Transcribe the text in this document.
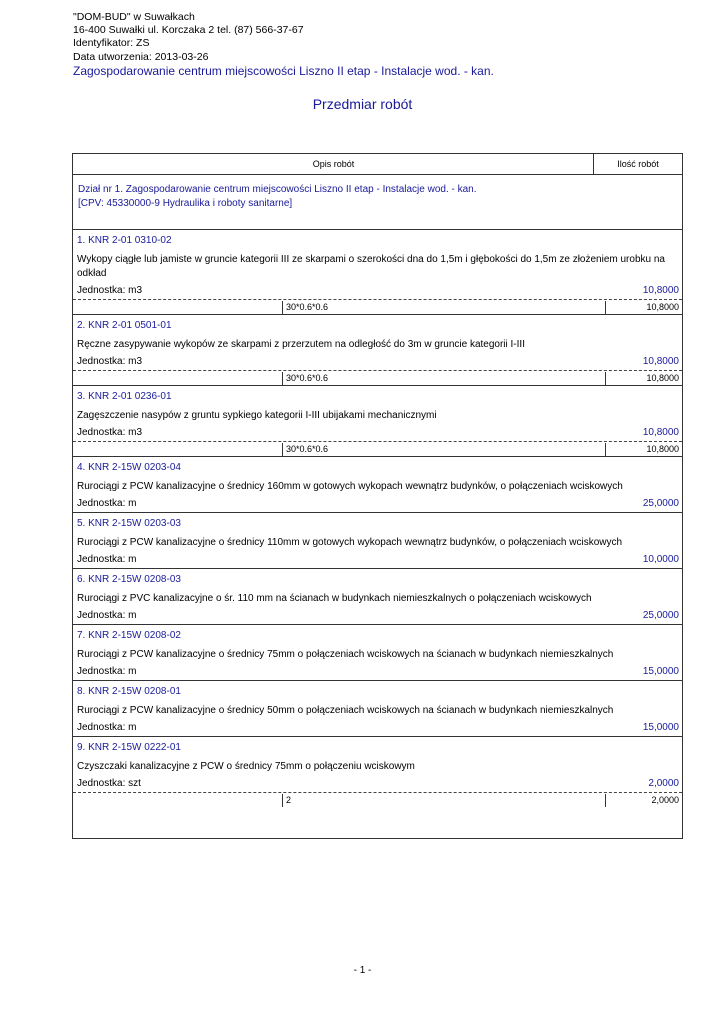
"DOM-BUD" w Suwałkach
16-400 Suwałki ul. Korczaka 2 tel. (87) 566-37-67
Identyfikator: ZS
Data utworzenia: 2013-03-26
Zagospodarowanie centrum miejscowości Liszno II etap - Instalacje wod. - kan.
Przedmiar robót
Opis robót	Ilość robót
Dział nr 1. Zagospodarowanie centrum miejscowości Liszno II etap - Instalacje wod. - kan.
[CPV: 45330000-9 Hydraulika i roboty sanitarne]
1. KNR 2-01 0310-02
Wykopy ciągłe lub jamiste w gruncie kategorii III ze skarpami o szerokości dna do 1,5m i głębokości do 1,5m ze złożeniem urobku na odkład
Jednostka: m3	10,8000
30*0.6*0.6	10,8000
2. KNR 2-01 0501-01
Ręczne zasypywanie wykopów ze skarpami z przerzutem na odległość do 3m w gruncie kategorii I-III
Jednostka: m3	10,8000
30*0.6*0.6	10,8000
3. KNR 2-01 0236-01
Zagęszczenie nasypów z gruntu sypkiego kategorii I-III ubijakami mechanicznymi
Jednostka: m3	10,8000
30*0.6*0.6	10,8000
4. KNR 2-15W 0203-04
Rurociągi z PCW kanalizacyjne o średnicy 160mm w gotowych wykopach wewnątrz budynków, o połączeniach wciskowych
Jednostka: m	25,0000
5. KNR 2-15W 0203-03
Rurociągi z PCW kanalizacyjne o średnicy 110mm w gotowych wykopach wewnątrz budynków, o połączeniach wciskowych
Jednostka: m	10,0000
6. KNR 2-15W 0208-03
Rurociągi z PVC kanalizacyjne o śr. 110 mm na ścianach w budynkach niemieszkalnych o połączeniach wciskowych
Jednostka: m	25,0000
7. KNR 2-15W 0208-02
Rurociągi z PCW kanalizacyjne o średnicy 75mm o połączeniach wciskowych na ścianach w budynkach niemieszkalnych
Jednostka: m	15,0000
8. KNR 2-15W 0208-01
Rurociągi z PCW kanalizacyjne o średnicy 50mm o połączeniach wciskowych na ścianach w budynkach niemieszkalnych
Jednostka: m	15,0000
9. KNR 2-15W 0222-01
Czyszczaki kanalizacyjne z PCW o średnicy 75mm o połączeniu wciskowym
Jednostka: szt	2,0000
2	2,0000
- 1 -
